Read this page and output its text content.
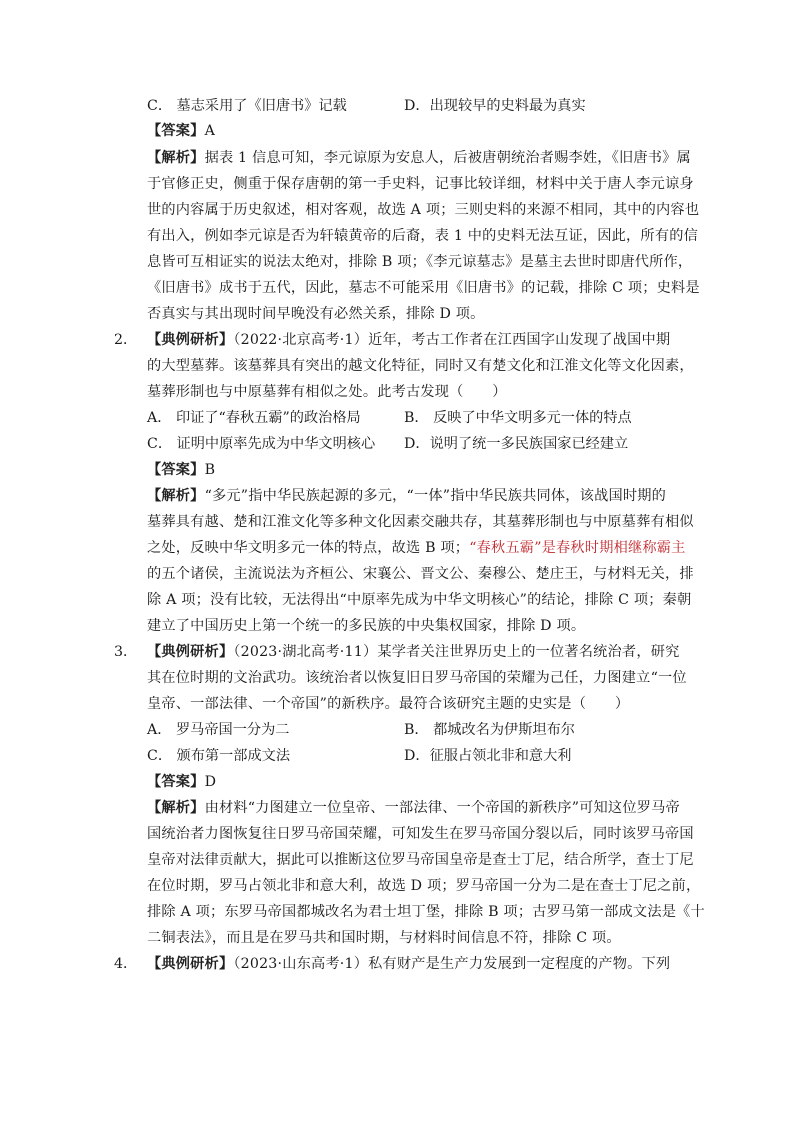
C． 墓志采用了《旧唐书》记载	D．出现较早的史料最为真实
【答案】A
【解析】据表 1 信息可知，李元谅原为安息人，后被唐朝统治者赐李姓，《旧唐书》属
于官修正史，侧重于保存唐朝的第一手史料，记事比较详细，材料中关于唐人李元谅身
世的内容属于历史叙述，相对客观，故选 A 项；三则史料的来源不相同，其中的内容也
有出入，例如李元谅是否为轩辕黄帝的后裔，表 1 中的史料无法互证，因此，所有的信
息皆可互相证实的说法太绝对，排除 B 项；《李元谅墓志》是墓主去世时即唐代所作，
《旧唐书》成书于五代，因此，墓志不可能采用《旧唐书》的记载，排除 C 项；史料是
否真实与其出现时间早晚没有必然关系，排除 D 项。
2． 【典例研析】（2022·北京高考·1）近年，考古工作者在江西国字山发现了战国中期
的大型墓葬。该墓葬具有突出的越文化特征，同时又有楚文化和江淮文化等文化因素，
墓葬形制也与中原墓葬有相似之处。此考古发现（　　）
A． 印证了“春秋五霸”的政治格局	B． 反映了中华文明多元一体的特点
C． 证明中原率先成为中华文明核心 D．说明了统一多民族国家已经建立
【答案】B
【解析】“多元”指中华民族起源的多元，“一体”指中华民族共同体，该战国时期的
墓葬具有越、楚和江淮文化等多种文化因素交融共存，其墓葬形制也与中原墓葬有相似
之处，反映中华文明多元一体的特点，故选 B 项；“春秋五霸”是春秋时期相继称霸主
的五个诸侯，主流说法为齐桓公、宋襄公、晋文公、秦穆公、楚庄王，与材料无关，排
除 A 项；没有比较，无法得出“中原率先成为中华文明核心”的结论，排除 C 项；秦朝
建立了中国历史上第一个统一的多民族的中央集权国家，排除 D 项。
3． 【典例研析】（2023·湖北高考·11）某学者关注世界历史上的一位著名统治者，研究
其在位时期的文治武功。该统治者以恢复旧日罗马帝国的荣耀为己任，力图建立“一位
皇帝、一部法律、一个帝国”的新秩序。最符合该研究主题的史实是（　　）
A． 罗马帝国一分为二	B． 都城改名为伊斯坦布尔
C． 颁布第一部成文法	D．征服占领北非和意大利
【答案】D
【解析】由材料“力图建立一位皇帝、一部法律、一个帝国的新秩序”可知这位罗马帝
国统治者力图恢复往日罗马帝国荣耀，可知发生在罗马帝国分裂以后，同时该罗马帝国
皇帝对法律贡献大，据此可以推断这位罗马帝国皇帝是查士丁尼，结合所学，查士丁尼
在位时期，罗马占领北非和意大利，故选 D 项；罗马帝国一分为二是在查士丁尼之前，
排除 A 项；东罗马帝国都城改名为君士坦丁堡，排除 B 项；古罗马第一部成文法是《十
二铜表法》，而且是在罗马共和国时期，与材料时间信息不符，排除 C 项。
4． 【典例研析】（2023·山东高考·1）私有财产是生产力发展到一定程度的产物。下列
